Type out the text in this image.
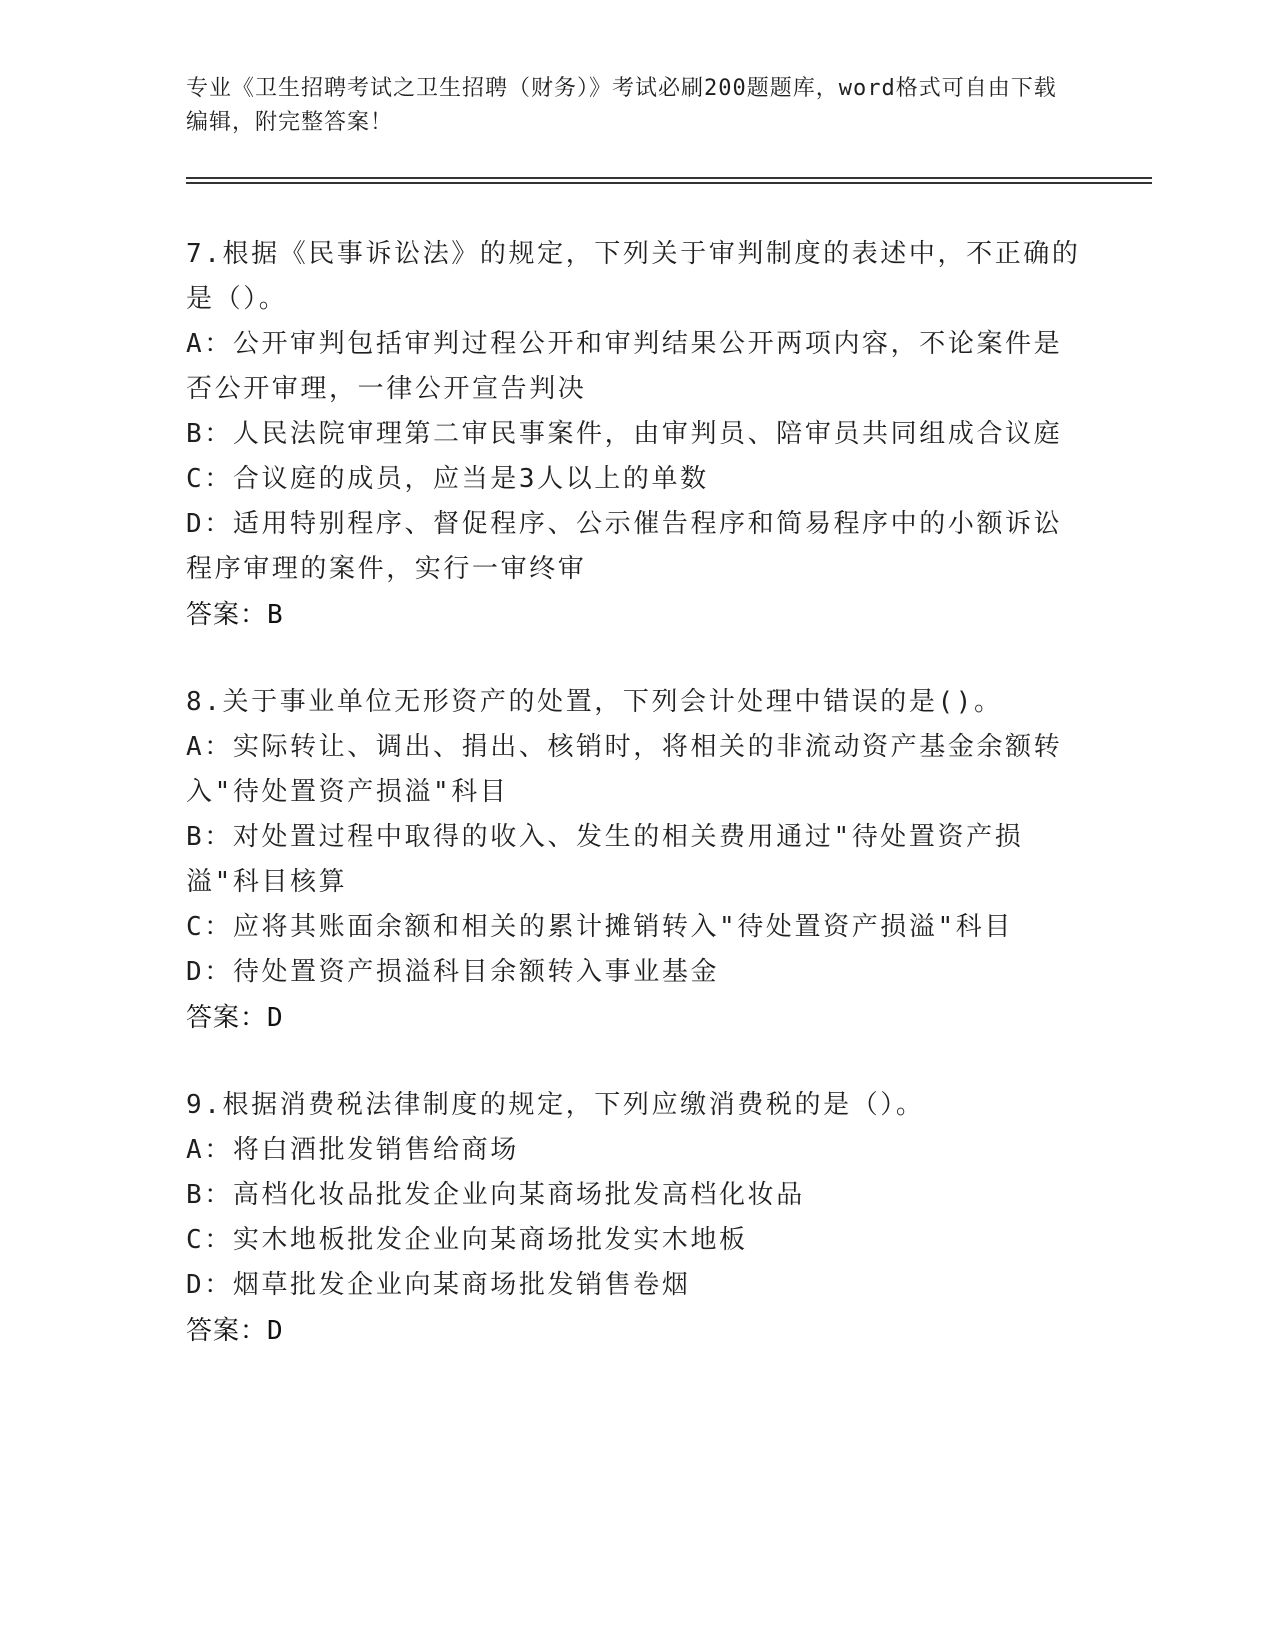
专业《卫生招聘考试之卫生招聘（财务）》考试必刷200题题库，word格式可自由下载编辑，附完整答案！
7.根据《民事诉讼法》的规定，下列关于审判制度的表述中，不正确的是（）。
A：公开审判包括审判过程公开和审判结果公开两项内容，不论案件是否公开审理，一律公开宣告判决
B：人民法院审理第二审民事案件，由审判员、陪审员共同组成合议庭
C：合议庭的成员，应当是3人以上的单数
D：适用特别程序、督促程序、公示催告程序和简易程序中的小额诉讼程序审理的案件，实行一审终审
答案：B
8.关于事业单位无形资产的处置，下列会计处理中错误的是()。
A：实际转让、调出、捐出、核销时，将相关的非流动资产基金余额转入"待处置资产损溢"科目
B：对处置过程中取得的收入、发生的相关费用通过"待处置资产损溢"科目核算
C：应将其账面余额和相关的累计摊销转入"待处置资产损溢"科目
D：待处置资产损溢科目余额转入事业基金
答案：D
9.根据消费税法律制度的规定，下列应缴消费税的是（）。
A：将白酒批发销售给商场
B：高档化妆品批发企业向某商场批发高档化妆品
C：实木地板批发企业向某商场批发实木地板
D：烟草批发企业向某商场批发销售卷烟
答案：D
